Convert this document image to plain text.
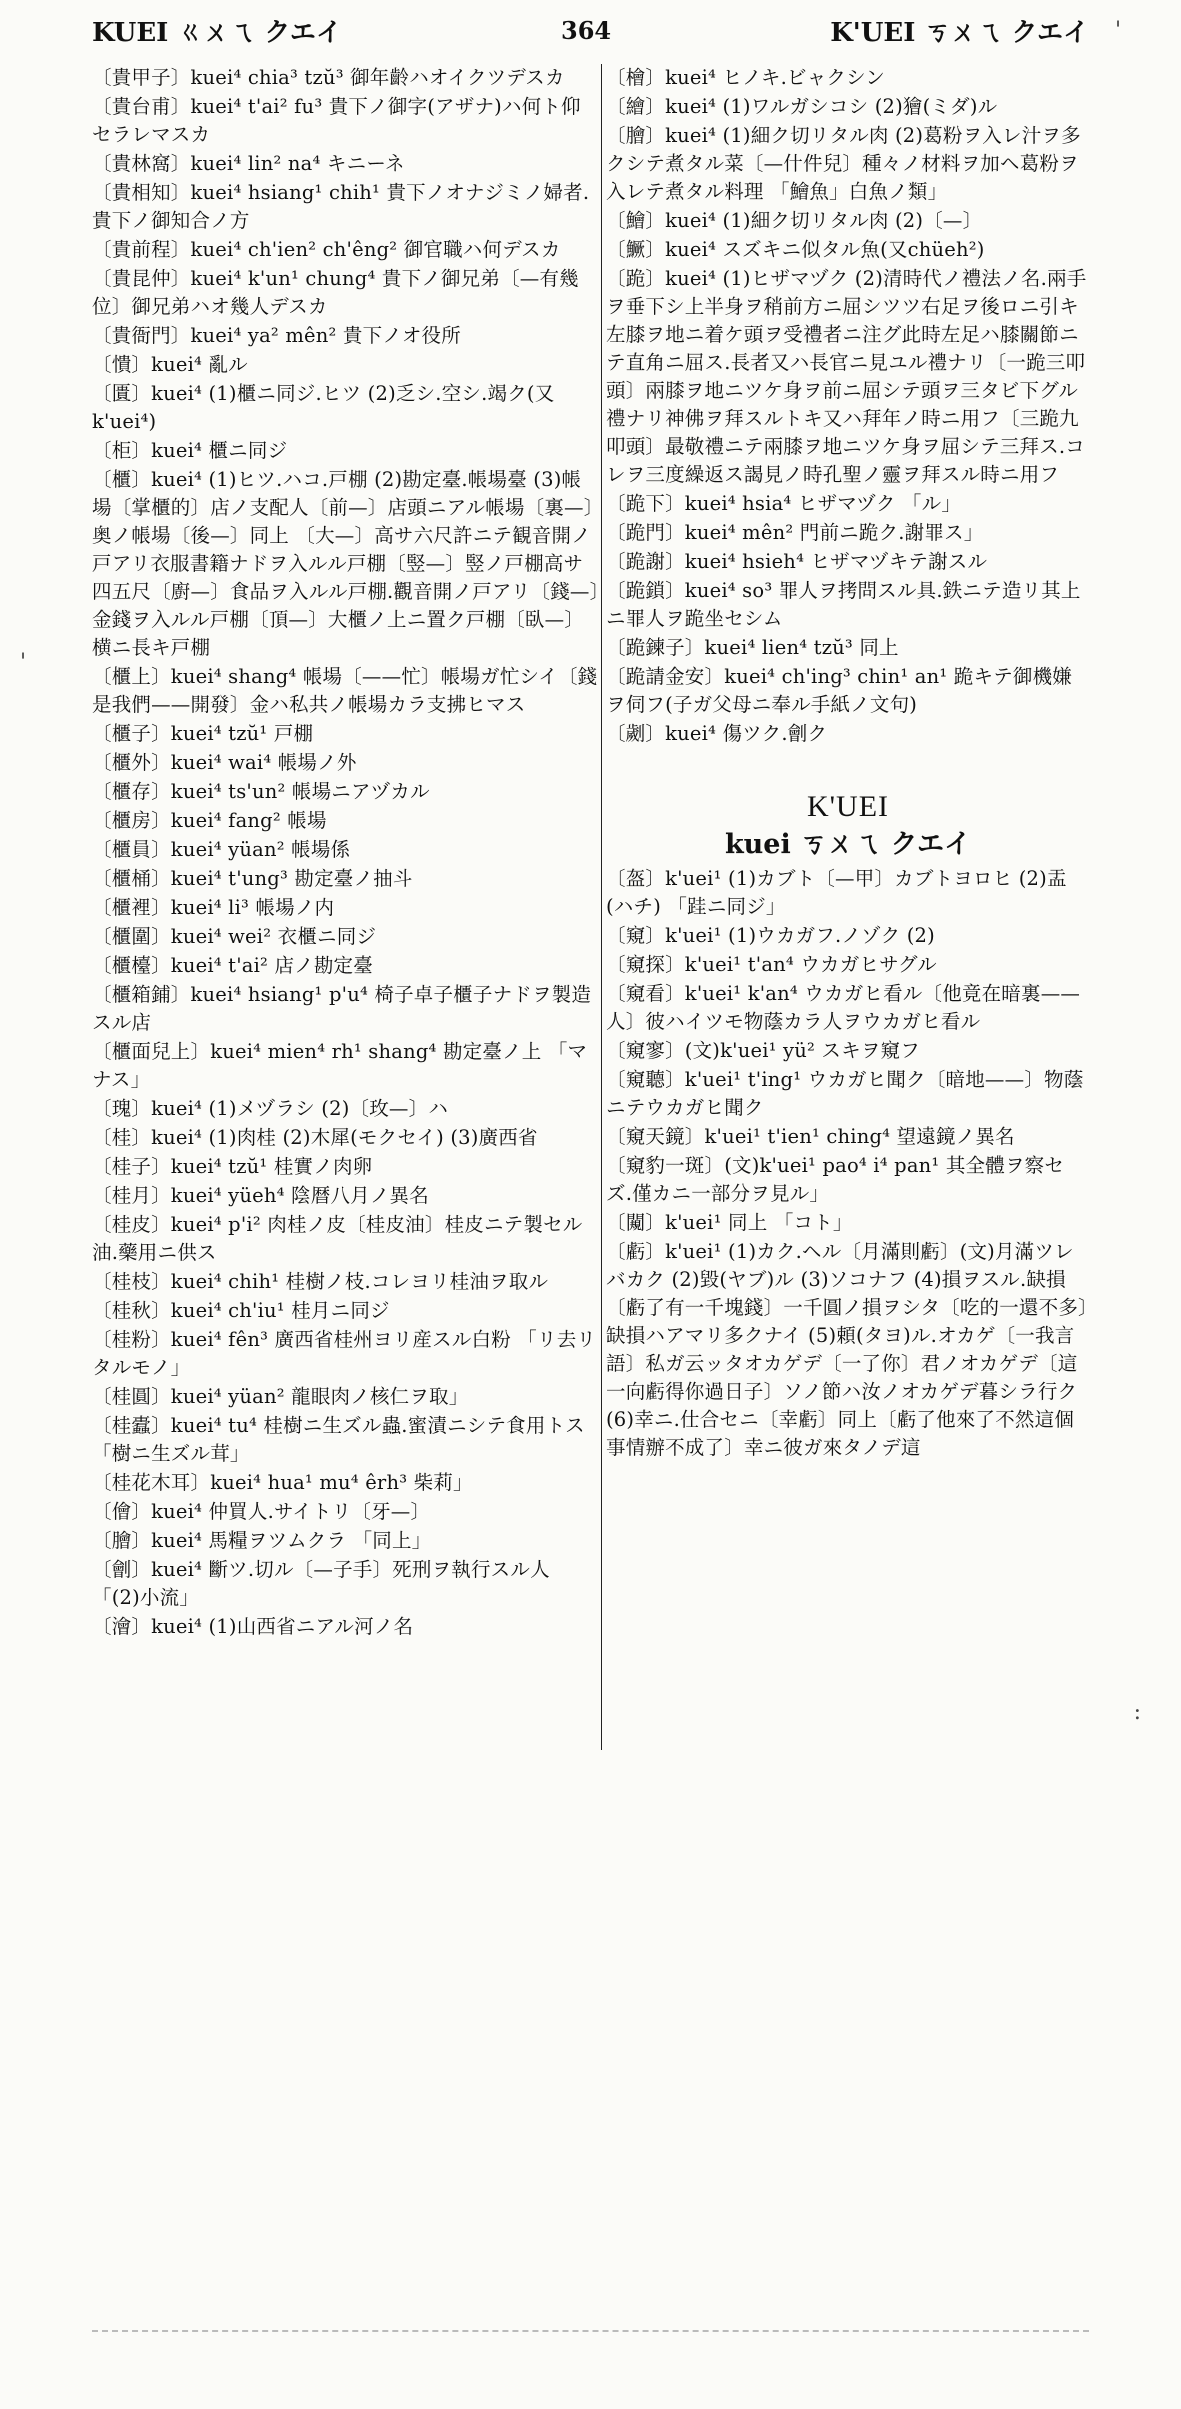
KUEI ㄍㄨㄟ クエイ	364	K'UEI ㄎㄨㄟ クエイ
〔貴甲子〕kuei⁴ chia³ tzŭ³ 御年齡ハオイクツデスカ
〔貴台甫〕kuei⁴ t'ai² fu³ 貴下ノ御字(アザナ)ハ何ト仰セラレマスカ
〔貴林窩〕kuei⁴ lin² na⁴ キニーネ
〔貴相知〕kuei⁴ hsiang¹ chih¹ 貴下ノオナジミノ婦者.貴下ノ御知合ノ方
〔貴前程〕kuei⁴ ch'ien² ch'êng² 御官職ハ何デスカ
〔貴昆仲〕kuei⁴ k'un¹ chung⁴ 貴下ノ御兄弟〔—有幾位〕御兄弟ハオ幾人デスカ
〔貴衙門〕kuei⁴ ya² mên² 貴下ノオ役所
〔憒〕kuei⁴ 亂ル
〔匱〕kuei⁴ (1)櫃ニ同ジ.ヒツ (2)乏シ.空シ.竭ク(又k'uei⁴)
〔柜〕kuei⁴ 櫃ニ同ジ
〔櫃〕kuei⁴ (1)ヒツ.ハコ.戸棚 (2)勘定臺.帳場臺 (3)帳場〔掌櫃的〕店ノ支配人〔前—〕店頭ニアル帳場〔裏—〕奥ノ帳場〔後—〕同上 〔大—〕高サ六尺許ニテ観音開ノ戸アリ衣服書籍ナドヲ入ルル戸棚〔竪—〕竪ノ戸棚高サ四五尺〔廚—〕食品ヲ入ルル戸棚.觀音開ノ戸アリ〔錢—〕金錢ヲ入ルル戸棚〔頂—〕大櫃ノ上ニ置ク戸棚〔臥—〕横ニ長キ戸棚
〔櫃上〕kuei⁴ shang⁴ 帳場〔——忙〕帳場ガ忙シイ〔錢是我們——開發〕金ハ私共ノ帳場カラ支拂ヒマス
〔櫃子〕kuei⁴ tzŭ¹ 戸棚
〔櫃外〕kuei⁴ wai⁴ 帳場ノ外
〔櫃存〕kuei⁴ ts'un² 帳場ニアヅカル
〔櫃房〕kuei⁴ fang² 帳場
〔櫃員〕kuei⁴ yüan² 帳場係
〔櫃桶〕kuei⁴ t'ung³ 勘定臺ノ抽斗
〔櫃裡〕kuei⁴ li³ 帳場ノ内
〔櫃圍〕kuei⁴ wei² 衣櫃ニ同ジ
〔櫃檯〕kuei⁴ t'ai² 店ノ勘定臺
〔櫃箱鋪〕kuei⁴ hsiang¹ p'u⁴ 椅子卓子櫃子ナドヲ製造スル店
〔櫃面兒上〕kuei⁴ mien⁴ rh¹ shang⁴ 勘定臺ノ上 「マナス」
〔瑰〕kuei⁴ (1)メヅラシ (2)〔玫—〕ハ
〔桂〕kuei⁴ (1)肉桂 (2)木犀(モクセイ) (3)廣西省
〔桂子〕kuei⁴ tzŭ¹ 桂實ノ肉卵
〔桂月〕kuei⁴ yüeh⁴ 陰暦八月ノ異名
〔桂皮〕kuei⁴ p'i² 肉桂ノ皮〔桂皮油〕桂皮ニテ製セル油.藥用ニ供ス
〔桂枝〕kuei⁴ chih¹ 桂樹ノ枝.コレヨリ桂油ヲ取ル
〔桂秋〕kuei⁴ ch'iu¹ 桂月ニ同ジ
〔桂粉〕kuei⁴ fên³ 廣西省桂州ヨリ産スル白粉 「リ去リタルモノ」
〔桂圓〕kuei⁴ yüan² 龍眼肉ノ核仁ヲ取」
〔桂蠹〕kuei⁴ tu⁴ 桂樹ニ生ズル蟲.蜜漬ニシテ食用トス 「樹ニ生ズル茸」
〔桂花木耳〕kuei⁴ hua¹ mu⁴ êrh³ 柴莉」
〔儈〕kuei⁴ 仲買人.サイトリ〔牙—〕
〔膾〕kuei⁴ 馬糧ヲツムクラ 「同上」
〔劊〕kuei⁴ 斷ツ.切ル〔—子手〕死刑ヲ執行スル人 「(2)小流」
〔澮〕kuei⁴ (1)山西省ニアル河ノ名
〔檜〕kuei⁴ ヒノキ.ビャクシン
〔繪〕kuei⁴ (1)ワルガシコシ (2)獪(ミダ)ル
〔膾〕kuei⁴ (1)細ク切リタル肉 (2)葛粉ヲ入レ汁ヲ多クシテ煮タル菜〔—什件兒〕種々ノ材料ヲ加ヘ葛粉ヲ入レテ煮タル料理 「鱠魚」白魚ノ類」
〔鱠〕kuei⁴ (1)細ク切リタル肉 (2)〔—〕
〔鱖〕kuei⁴ スズキニ似タル魚(又chüeh²)
〔跪〕kuei⁴ (1)ヒザマヅク (2)清時代ノ禮法ノ名.兩手ヲ垂下シ上半身ヲ稍前方ニ屈シツツ右足ヲ後ロニ引キ左膝ヲ地ニ着ケ頭ヲ受禮者ニ注グ此時左足ハ膝關節ニテ直角ニ屈ス.長者又ハ長官ニ見ユル禮ナリ〔一跪三叩頭〕兩膝ヲ地ニツケ身ヲ前ニ屈シテ頭ヲ三タビ下グル禮ナリ神佛ヲ拜スルトキ又ハ拜年ノ時ニ用フ〔三跪九叩頭〕最敬禮ニテ兩膝ヲ地ニツケ身ヲ屈シテ三拜ス.コレヲ三度繰返ス謁見ノ時孔聖ノ靈ヲ拜スル時ニ用フ
〔跪下〕kuei⁴ hsia⁴ ヒザマヅク 「ル」
〔跪門〕kuei⁴ mên² 門前ニ跪ク.謝罪ス」
〔跪謝〕kuei⁴ hsieh⁴ ヒザマヅキテ謝スル
〔跪鎖〕kuei⁴ so³ 罪人ヲ拷問スル具.鉄ニテ造リ其上ニ罪人ヲ跪坐セシム
〔跪鍊子〕kuei⁴ lien⁴ tzŭ³ 同上
〔跪請金安〕kuei⁴ ch'ing³ chin¹ an¹ 跪キテ御機嫌ヲ伺フ(子ガ父母ニ奉ル手紙ノ文句)
〔劌〕kuei⁴ 傷ツク.劊ク
K'UEI
kuei ㄎㄨㄟ クエイ
〔盔〕k'uei¹ (1)カブト〔—甲〕カブトヨロヒ (2)盂(ハチ) 「跬ニ同ジ」
〔窺〕k'uei¹ (1)ウカガフ.ノゾク (2)
〔窺探〕k'uei¹ t'an⁴ ウカガヒサグル
〔窺看〕k'uei¹ k'an⁴ ウカガヒ看ル〔他竟在暗裏——人〕彼ハイツモ物蔭カラ人ヲウカガヒ看ル
〔窺寥〕(文)k'uei¹ yü² スキヲ窺フ
〔窺聽〕k'uei¹ t'ing¹ ウカガヒ聞ク〔暗地——〕物蔭ニテウカガヒ聞ク
〔窺天鏡〕k'uei¹ t'ien¹ ching⁴ 望遠鏡ノ異名
〔窺豹一斑〕(文)k'uei¹ pao⁴ i⁴ pan¹ 其全體ヲ察セズ.僅カニ一部分ヲ見ル」
〔闚〕k'uei¹ 同上 「コト」
〔虧〕k'uei¹ (1)カク.ヘル〔月滿則虧〕(文)月滿ツレバカク (2)毀(ヤブ)ル (3)ソコナフ (4)損ヲスル.缺損〔虧了有一千塊錢〕一千圓ノ損ヲシタ〔吃的一還不多〕缺損ハアマリ多クナイ (5)頼(タヨ)ル.オカゲ〔一我言語〕私ガ云ッタオカゲデ〔一了你〕君ノオカゲデ〔這一向虧得你過日子〕ソノ節ハ汝ノオカゲデ暮シラ行ク (6)幸ニ.仕合セニ〔幸虧〕同上〔虧了他來了不然這個事情辦不成了〕幸ニ彼ガ來タノデ這
'
'
:
